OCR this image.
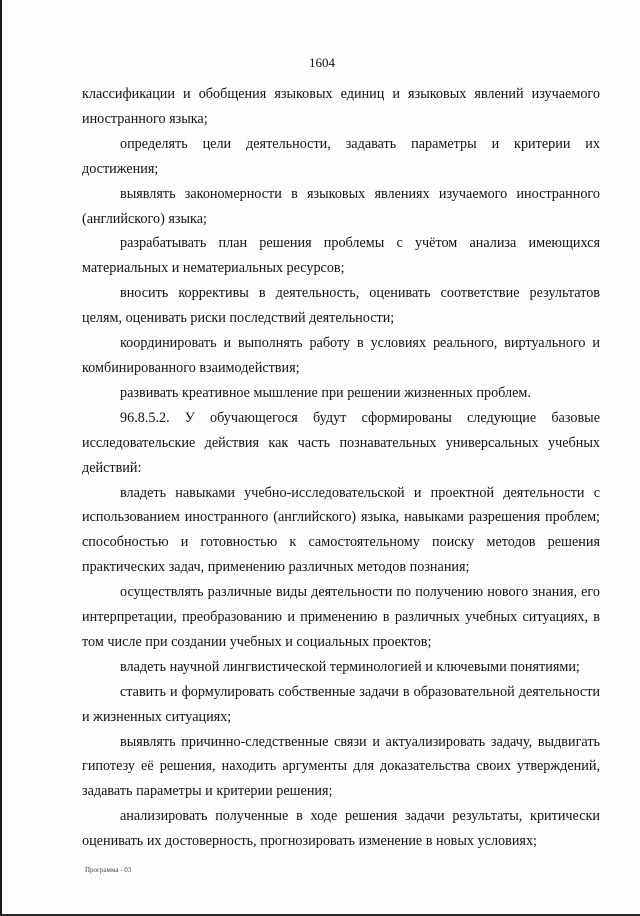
1604

классификации и обобщения языковых единиц и языковых явлений изучаемого иностранного языка;

определять цели деятельности, задавать параметры и критерии их достижения;

выявлять закономерности в языковых явлениях изучаемого иностранного (английского) языка;

разрабатывать план решения проблемы с учётом анализа имеющихся материальных и нематериальных ресурсов;

вносить коррективы в деятельность, оценивать соответствие результатов целям, оценивать риски последствий деятельности;

координировать и выполнять работу в условиях реального, виртуального и комбинированного взаимодействия;

развивать креативное мышление при решении жизненных проблем.

96.8.5.2. У обучающегося будут сформированы следующие базовые исследовательские действия как часть познавательных универсальных учебных действий:

владеть навыками учебно-исследовательской и проектной деятельности с использованием иностранного (английского) языка, навыками разрешения проблем; способностью и готовностью к самостоятельному поиску методов решения практических задач, применению различных методов познания;

осуществлять различные виды деятельности по получению нового знания, его интерпретации, преобразованию и применению в различных учебных ситуациях, в том числе при создании учебных и социальных проектов;

владеть научной лингвистической терминологией и ключевыми понятиями;

ставить и формулировать собственные задачи в образовательной деятельности и жизненных ситуациях;

выявлять причинно-следственные связи и актуализировать задачу, выдвигать гипотезу её решения, находить аргументы для доказательства своих утверждений, задавать параметры и критерии решения;

анализировать полученные в ходе решения задачи результаты, критически оценивать их достоверность, прогнозировать изменение в новых условиях;

Программа - 03
